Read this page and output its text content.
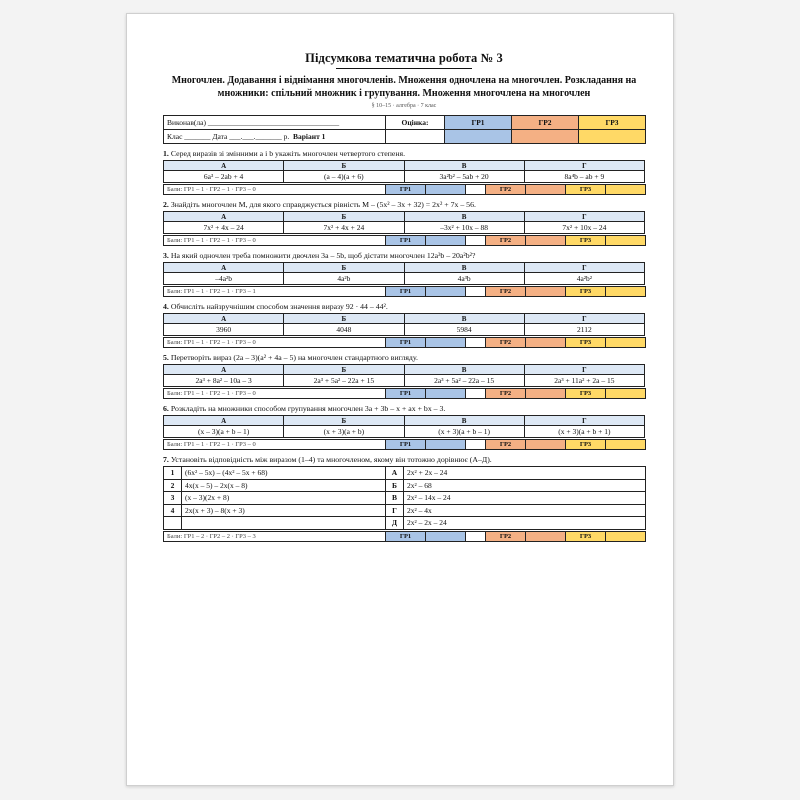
Підсумкова тематична робота № 3
Многочлен. Додавання і віднімання многочленів. Множення одночлена на многочлен. Розкладання на множники: спільний множник і групування. Множення многочлена на многочлен
§ 10–15 · алгебра · 7 клас
Виконав(ла) ___________________________________	Оцінка:	ГР1	ГР2	ГР3
Клас _______ Дата ___.___._______ р. Варіант 1				
1. Серед виразів зі змінними a і b укажіть многочлен четвертого степеня.
А	Б	В	Г
6a³ – 2ab + 4	(a – 4)(a + 6)	3a²b² – 5ab + 20	8a⁴b – ab + 9
Бали: ГР1 – 1 · ГР2 – 1 · ГР3 – 0	ГР1			ГР2		ГР3	
2. Знайдіть многочлен M, для якого справджується рівність M – (5x² – 3x + 32) = 2x² + 7x – 56.
А	Б	В	Г
7x² + 4x – 24	7x² + 4x + 24	–3x² + 10x – 88	7x² + 10x – 24
Бали: ГР1 – 1 · ГР2 – 1 · ГР3 – 0	ГР1			ГР2		ГР3	
3. На який одночлен треба помножити двочлен 3a – 5b, щоб дістати многочлен 12a³b – 20a²b²?
А	Б	В	Г
–4a²b	4a²b	4a³b	4a²b²
Бали: ГР1 – 1 · ГР2 – 1 · ГР3 – 1	ГР1			ГР2		ГР3	
4. Обчисліть найзручнішим способом значення виразу 92 · 44 – 44².
А	Б	В	Г
3960	4048	5984	2112
Бали: ГР1 – 1 · ГР2 – 1 · ГР3 – 0	ГР1			ГР2		ГР3	
5. Перетворіть вираз (2a – 3)(a² + 4a – 5) на многочлен стандартного вигляду.
А	Б	В	Г
2a³ + 8a² – 10a – 3	2a³ + 5a² – 22a + 15	2a³ + 5a² – 22a – 15	2a³ + 11a² + 2a – 15
Бали: ГР1 – 1 · ГР2 – 1 · ГР3 – 0	ГР1			ГР2		ГР3	
6. Розкладіть на множники способом групування многочлен 3a + 3b – x + ax + bx – 3.
А	Б	В	Г
(x – 3)(a + b – 1)	(x + 3)(a + b)	(x + 3)(a + b – 1)	(x + 3)(a + b + 1)
Бали: ГР1 – 1 · ГР2 – 1 · ГР3 – 0	ГР1			ГР2		ГР3	
7. Установіть відповідність між виразом (1–4) та многочленом, якому він тотожно дорівнює (А–Д).
1	(6x² – 5x) – (4x² – 5x + 68)	А	2x² + 2x – 24
2	4x(x – 5) – 2x(x – 8)	Б	2x² – 68
3	(x – 3)(2x + 8)	В	2x² – 14x – 24
4	2x(x + 3) – 8(x + 3)	Г	2x² – 4x
		Д	2x² – 2x – 24
Бали: ГР1 – 2 · ГР2 – 2 · ГР3 – 3	ГР1			ГР2		ГР3	
